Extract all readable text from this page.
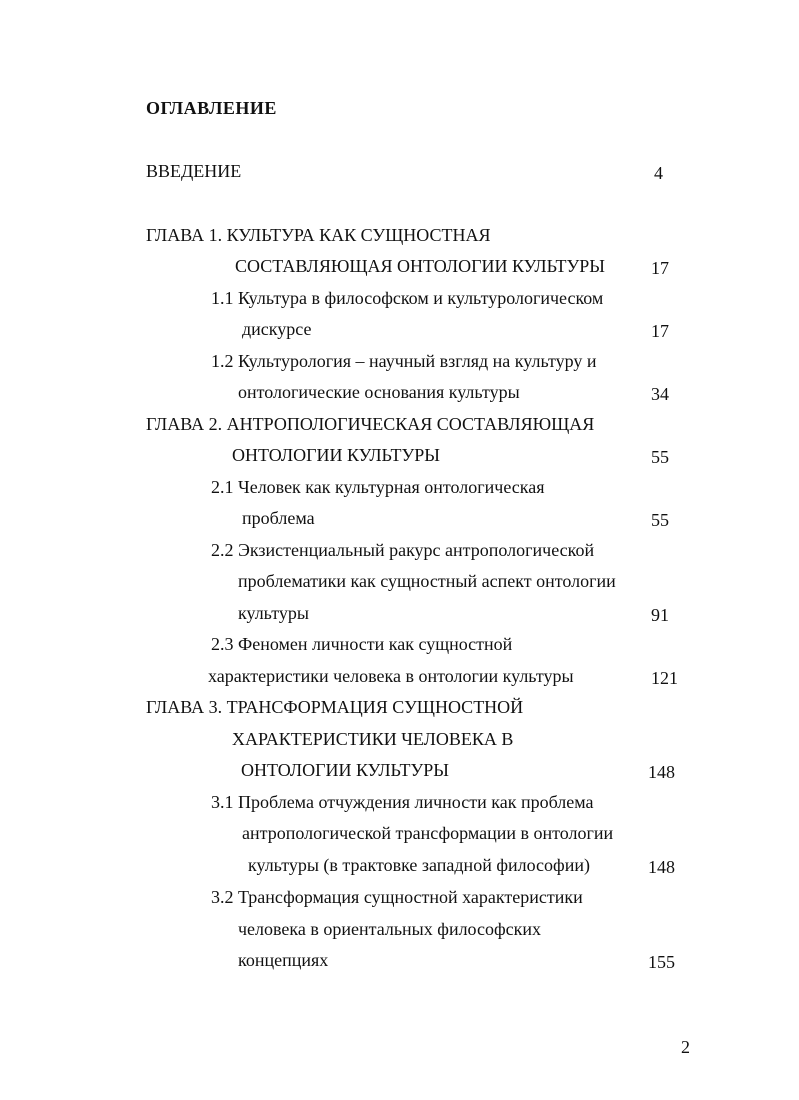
ОГЛАВЛЕНИЕ
ВВЕДЕНИЕ	4
ГЛАВА 1. КУЛЬТУРА КАК СУЩНОСТНАЯ
СОСТАВЛЯЮЩАЯ ОНТОЛОГИИ КУЛЬТУРЫ	17
1.1 Культура в философском и культурологическом
дискурсе	17
1.2 Культурология – научный взгляд на культуру и
онтологические основания культуры	34
ГЛАВА 2. АНТРОПОЛОГИЧЕСКАЯ СОСТАВЛЯЮЩАЯ
ОНТОЛОГИИ КУЛЬТУРЫ	55
2.1 Человек как культурная онтологическая
проблема	55
2.2 Экзистенциальный ракурс антропологической
проблематики как сущностный аспект онтологии
культуры	91
2.3 Феномен личности как сущностной
характеристики человека в онтологии культуры	121
ГЛАВА 3. ТРАНСФОРМАЦИЯ СУЩНОСТНОЙ
ХАРАКТЕРИСТИКИ ЧЕЛОВЕКА В
ОНТОЛОГИИ КУЛЬТУРЫ	148
3.1 Проблема отчуждения личности как проблема
антропологической трансформации в онтологии
культуры (в трактовке западной философии)	148
3.2 Трансформация сущностной характеристики
человека в ориентальных философских
концепциях	155
2
